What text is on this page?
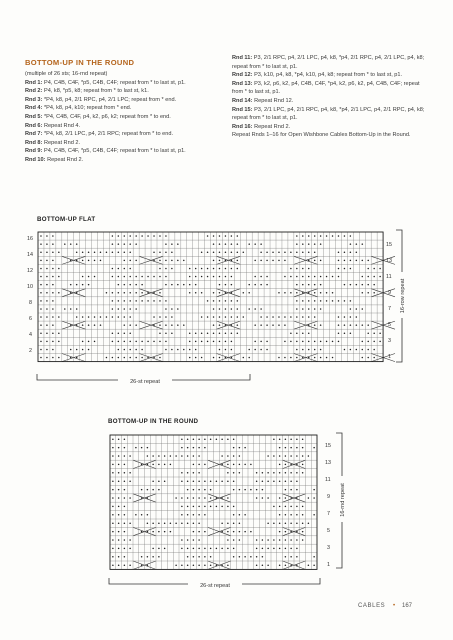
BOTTOM-UP IN THE ROUND

(multiple of 26 sts; 16-rnd repeat)

Rnd 1: P4, C4B, C4F, *p5, C4B, C4F; repeat from * to last st, p1.

Rnd 2: P4, k8, *p5, k8; repeat from * to last st, k1.

Rnd 3: *P4, k8, p4, 2/1 RPC, p4, 2/1 LPC; repeat from * end.

Rnd 4: *P4, k8, p4, k10; repeat from * end.

Rnd 5: *P4, C4B, C4F, p4, k2, p6, k2; repeat from * to end.

Rnd 6: Repeat Rnd 4.

Rnd 7: *P4, k8, 2/1 LPC, p4, 2/1 RPC; repeat from * to end.

Rnd 8: Repeat Rnd 2.

Rnd 9: P4, C4B, C4F, *p5, C4B, C4F; repeat from * to last st, p1.

Rnd 10: Repeat Rnd 2.

Rnd 11: P3, 2/1 RPC, p4, 2/1 LPC, p4, k8, *p4, 2/1 RPC, p4, 2/1 LPC, p4, k8; repeat from * to last st, p1.

Rnd 12: P3, k10, p4, k8, *p4, k10, p4, k8; repeat from * to last st, p1.

Rnd 13: P3, k2, p6, k2, p4, C4B, C4F, *p4, k2, p6, k2, p4, C4B, C4F; repeat from * to last st, p1.

Rnd 14: Repeat Rnd 12.

Rnd 15: P3, 2/1 LPC, p4, 2/1 RPC, p4, k8, *p4, 2/1 LPC, p4, 2/1 RPC, p4, k8; repeat from * to last st, p1.

Rnd 16: Repeat Rnd 2.

Repeat Rnds 1–16 for Open Wishbone Cables Bottom-Up in the Round.

BOTTOM-UP FLAT
16
14
12
10
8
6
4
2
15
13
11
9
7
5
3
1
26-st repeat
16-row repeat
15
13
11
9
7
5
3
1
26-st repeat
16-rnd repeat
CABLES • 167
BOTTOM-UP IN THE ROUND
